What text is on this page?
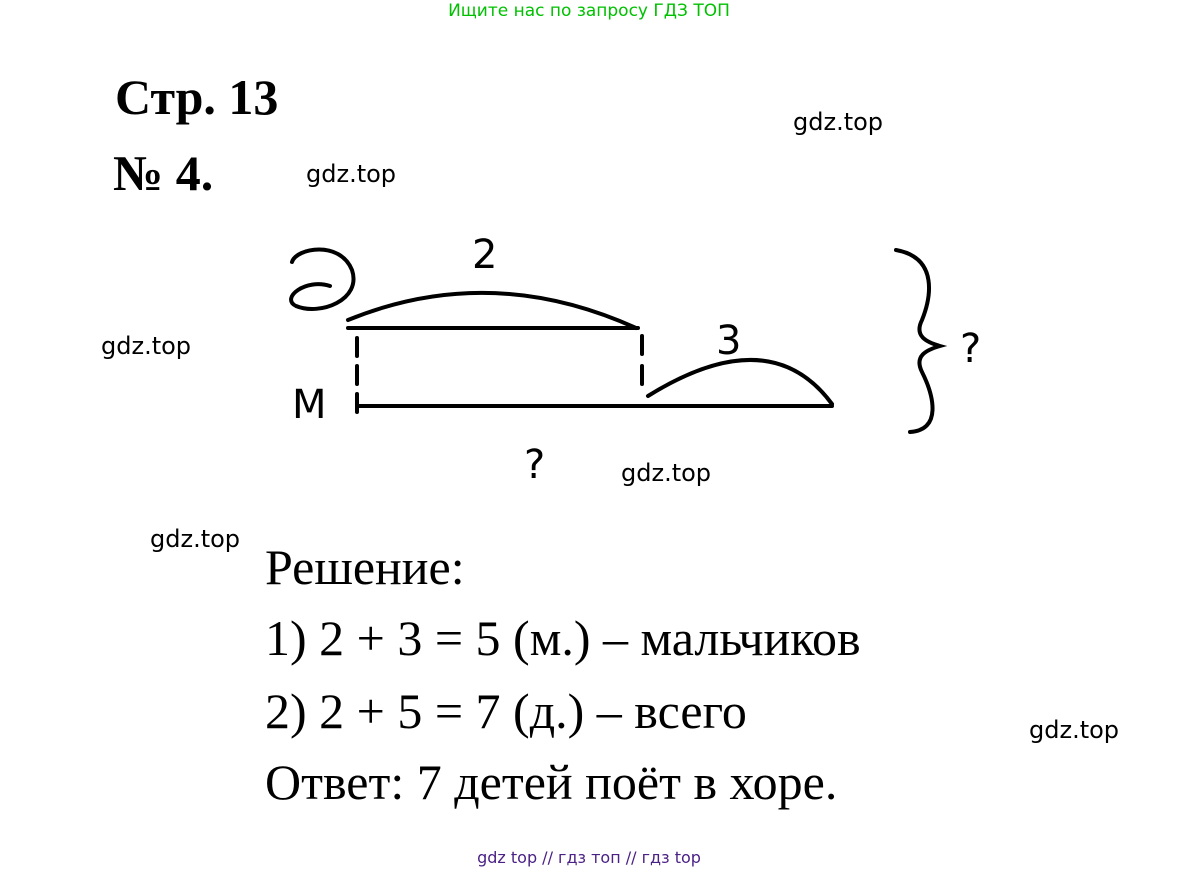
Ищите нас по запросу ГДЗ ТОП
Стр. 13
№ 4.
gdz.top
gdz.top
gdz.top
gdz.top
gdz.top
gdz.top
Д
2
3
М
?
?
Решение:
1) 2 + 3 = 5 (м.) – мальчиков
2) 2 + 5 = 7 (д.) – всего
Ответ: 7 детей поёт в хоре.
gdz top // гдз топ // гдз top
